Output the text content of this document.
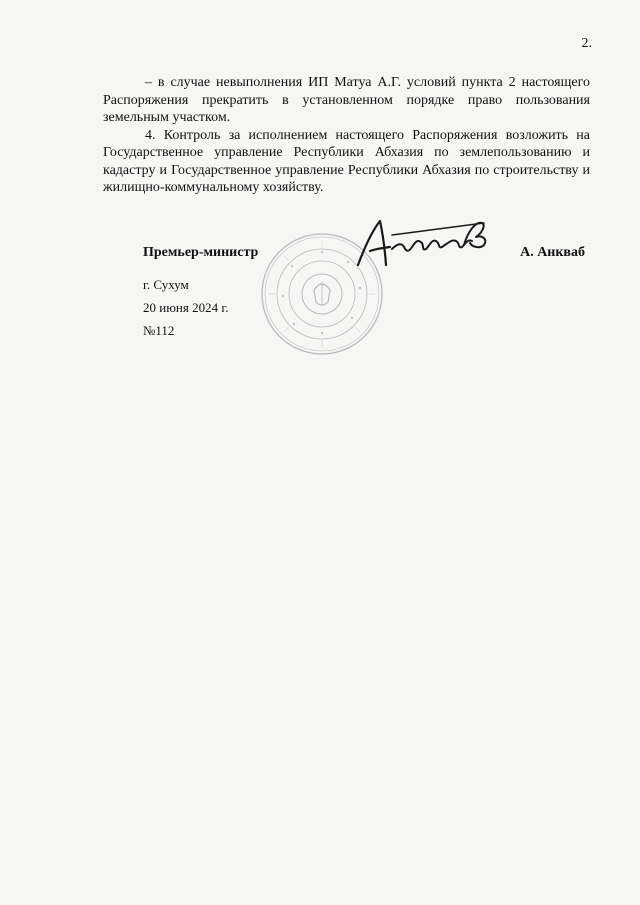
2.

– в случае невыполнения ИП Матуа А.Г. условий пункта 2 настоящего Распоряжения прекратить в установленном порядке право пользования земельным участком.

4. Контроль за исполнением настоящего Распоряжения возложить на Государственное управление Республики Абхазия по землепользованию и кадастру и Государственное управление Республики Абхазия по строительству и жилищно-коммунальному хозяйству.

Премьер-министр	А. Анкваб
г. Сухум
20 июня 2024 г.
№112
